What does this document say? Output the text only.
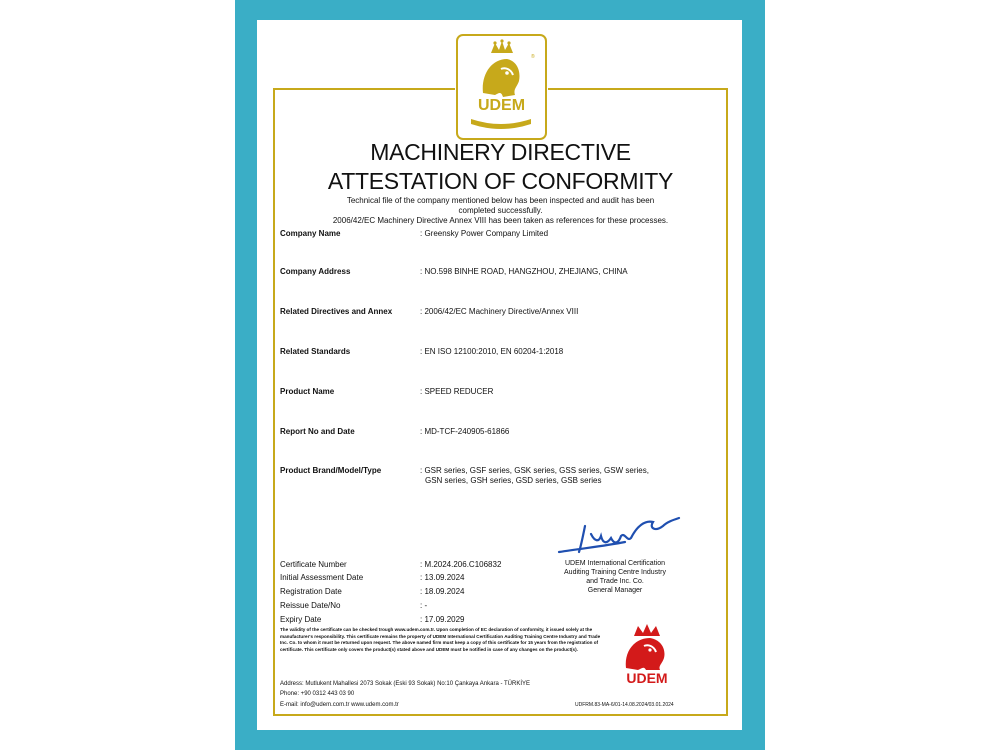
®
UDEM
MACHINERY DIRECTIVE
ATTESTATION OF CONFORMITY
Technical file of the company mentioned below has been inspected and audit has been
completed successfully.
2006/42/EC Machinery Directive Annex VIII has been taken as references for these processes.
Company Name	: Greensky Power Company Limited
Company Address	: NO.598 BINHE ROAD, HANGZHOU, ZHEJIANG, CHINA
Related Directives and Annex	: 2006/42/EC Machinery Directive/Annex VIII
Related Standards	: EN ISO 12100:2010, EN 60204-1:2018
Product Name	: SPEED REDUCER
Report No and Date	: MD-TCF-240905-61866
Product Brand/Model/Type	: GSR series, GSF series, GSK series, GSS series, GSW series,
GSN series, GSH series, GSD series, GSB series
UDEM International Certification
Auditing Training Centre Industry
and Trade Inc. Co.
General Manager
Certificate Number	: M.2024.206.C106832
Initial Assessment Date	: 13.09.2024
Registration Date	: 18.09.2024
Reissue Date/No	: -
Expiry Date	: 17.09.2029
The validity of the certificate can be checked trough www.udem.com.tr. Upon completion of EC declaration of conformity, it issued solely at the manufacturer's responsibility. This certificate remains the property of UDEM International Certification Auditing Training Centre Industry and Trade Inc. Co. to whom it must be returned upon request. The above named firm must keep a copy of this certificate for 15 years from the registration of certificate. This certificate only covers the product(s) stated above and UDEM must be notified in case of any changes on the product(s).
UDEM
Address: Mutlukent Mahallesi 2073 Sokak (Eski 93 Sokak) No:10 Çankaya Ankara - TÜRKİYE
Phone: +90 0312 443 03 90
E-mail: info@udem.com.tr www.udem.com.tr	UDFRM.83-MA-6/01-14.08.2024/03.01.2024
